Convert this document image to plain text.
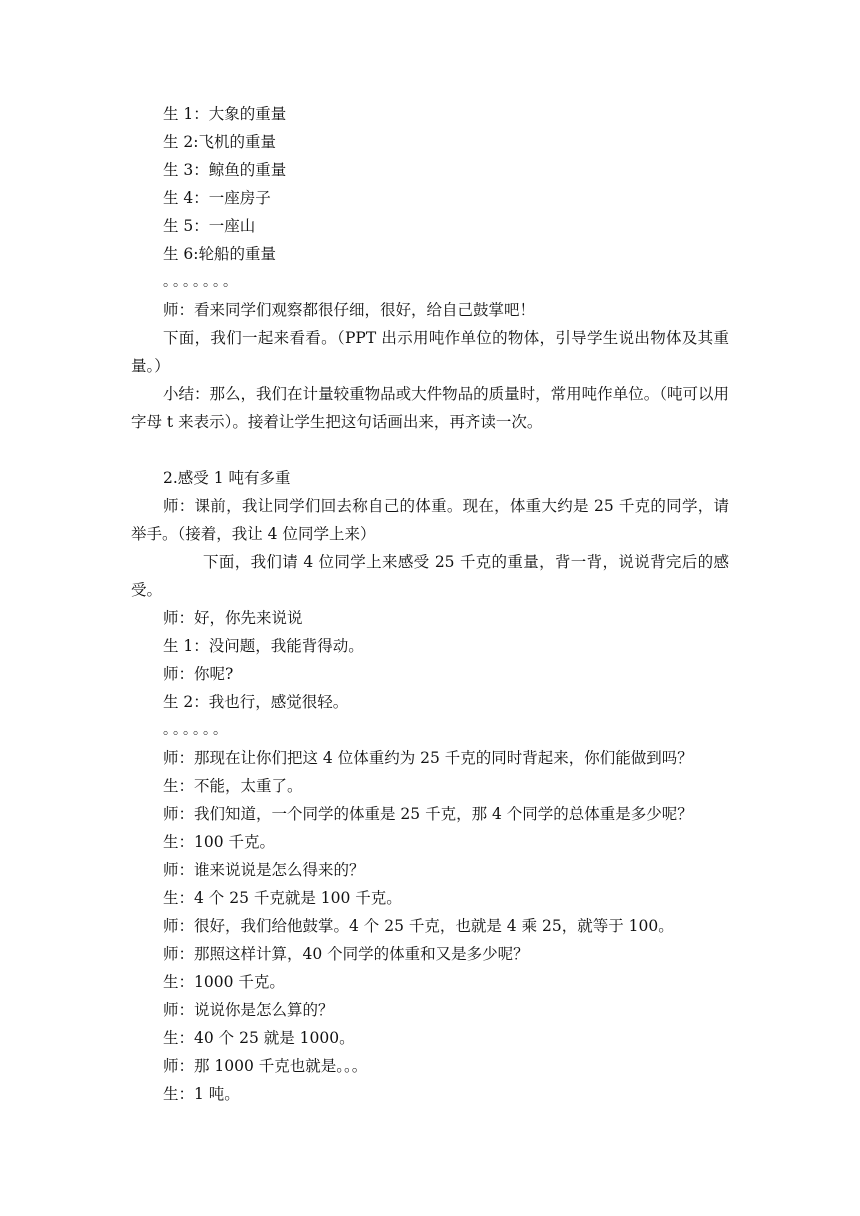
生 1：大象的重量

生 2:飞机的重量

生 3：鲸鱼的重量

生 4：一座房子

生 5：一座山

生 6:轮船的重量

。。。。。。。

师：看来同学们观察都很仔细，很好，给自己鼓掌吧！

下面，我们一起来看看。（PPT 出示用吨作单位的物体，引导学生说出物体及其重量。）

小结：那么，我们在计量较重物品或大件物品的质量时，常用吨作单位。（吨可以用字母 t 来表示）。接着让学生把这句话画出来，再齐读一次。

2.感受 1 吨有多重

师：课前，我让同学们回去称自己的体重。现在，体重大约是 25 千克的同学，请举手。（接着，我让 4 位同学上来）

下面，我们请 4 位同学上来感受 25 千克的重量，背一背，说说背完后的感受。

师：好，你先来说说

生 1：没问题，我能背得动。

师：你呢?

生 2：我也行，感觉很轻。

。。。。。。

师：那现在让你们把这 4 位体重约为 25 千克的同时背起来，你们能做到吗？

生：不能，太重了。

师：我们知道，一个同学的体重是 25 千克，那 4 个同学的总体重是多少呢？

生：100 千克。

师：谁来说说是怎么得来的？

生：4 个 25 千克就是 100 千克。

师：很好，我们给他鼓掌。4 个 25 千克，也就是 4 乘 25，就等于 100。

师：那照这样计算，40 个同学的体重和又是多少呢？

生：1000 千克。

师：说说你是怎么算的？

生：40 个 25 就是 1000。

师：那 1000 千克也就是。。。

生：1 吨。
